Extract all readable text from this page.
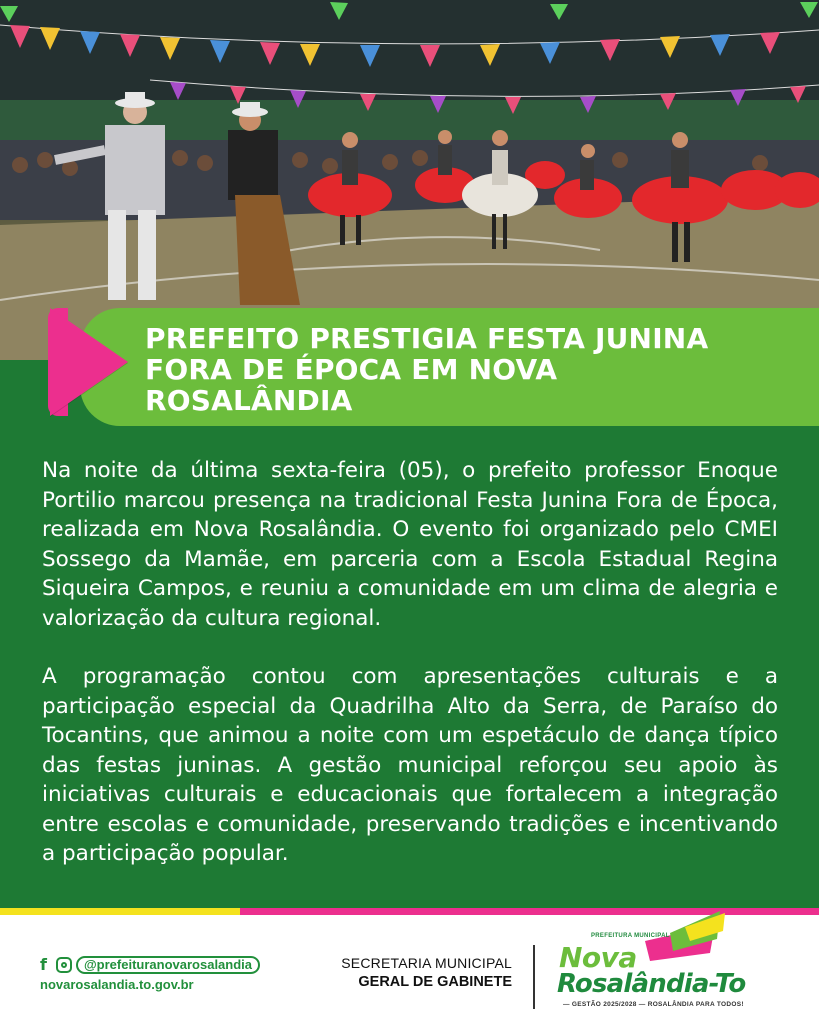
PREFEITO PRESTIGIA FESTA JUNINA
FORA DE ÉPOCA EM NOVA
ROSALÂNDIA

Na noite da última sexta-feira (05), o prefeito professor Enoque Portilio marcou presença na tradicional Festa Junina Fora de Época, realizada em Nova Rosalândia. O evento foi organizado pelo CMEI Sossego da Mamãe, em parceria com a Escola Estadual Regina Siqueira Campos, e reuniu a comunidade em um clima de alegria e valorização da cultura regional.

A programação contou com apresentações culturais e a participação especial da Quadrilha Alto da Serra, de Paraíso do Tocantins, que animou a noite com um espetáculo de dança típico das festas juninas. A gestão municipal reforçou seu apoio às iniciativas culturais e educacionais que fortalecem a integração entre escolas e comunidade, preservando tradições e incentivando a participação popular.

f	@prefeituranovarosalandia
novarosalandia.to.gov.br
SECRETARIA MUNICIPAL
GERAL DE GABINETE
PREFEITURA MUNICIPAL
Nova
Rosalândia-To
— GESTÃO 2025/2028 — ROSALÂNDIA PARA TODOS!
